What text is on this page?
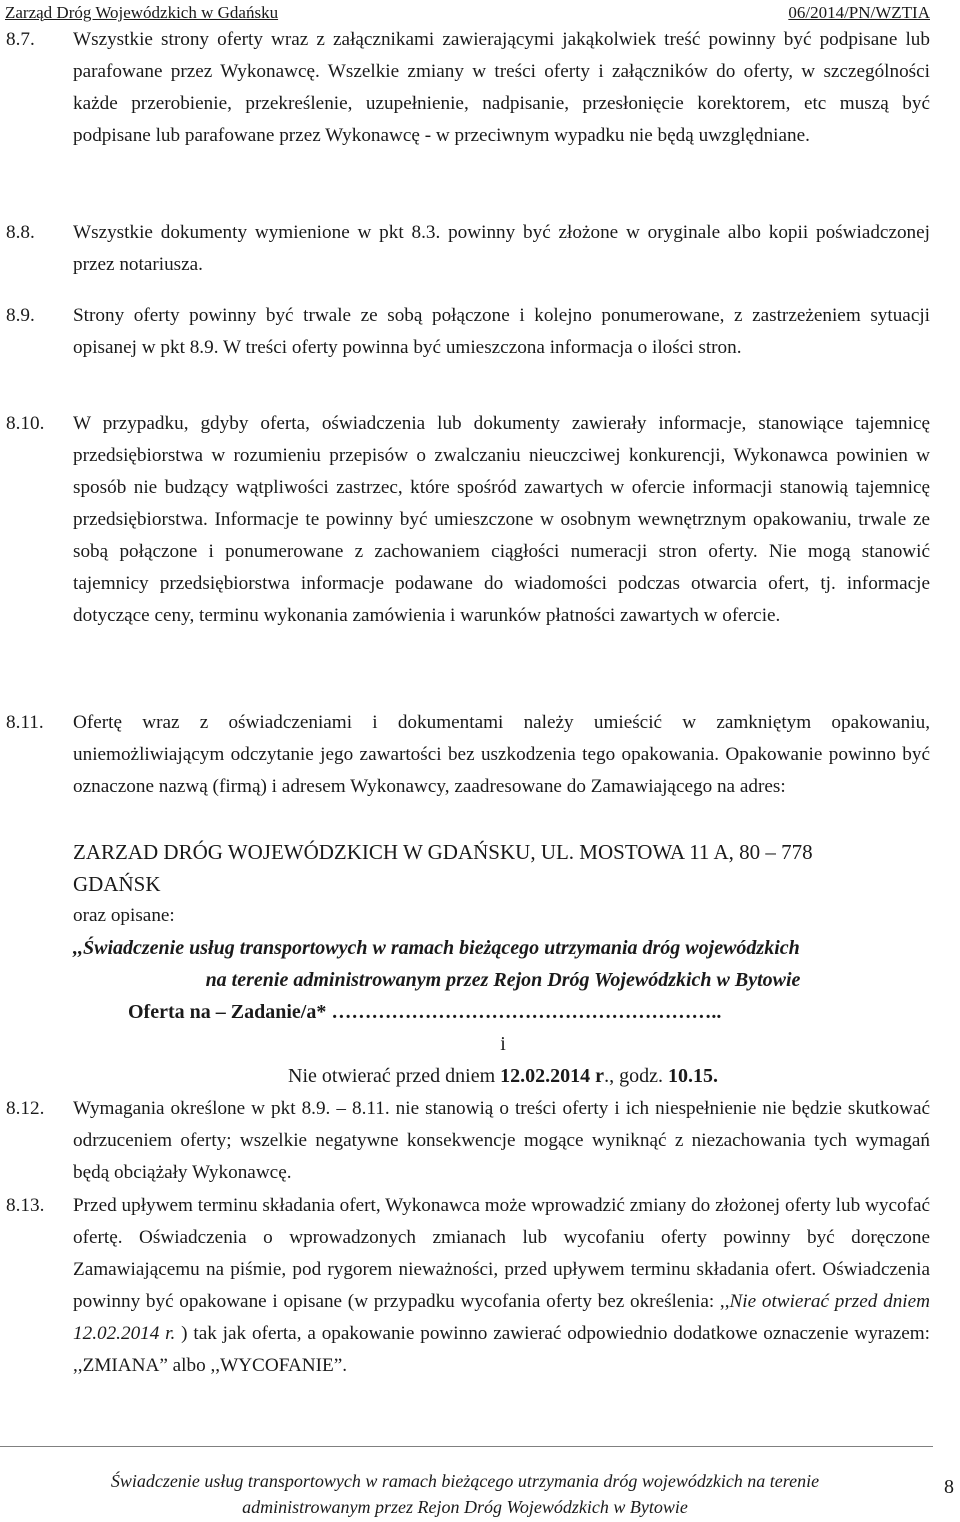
Zarząd Dróg Wojewódzkich w Gdańsku	06/2014/PN/WZTIA
8.7. Wszystkie strony oferty wraz z załącznikami zawierającymi jakąkolwiek treść powinny być podpisane lub parafowane przez Wykonawcę. Wszelkie zmiany w treści oferty i załączników do oferty, w szczególności każde przerobienie, przekreślenie, uzupełnienie, nadpisanie, przesłonięcie korektorem, etc muszą być podpisane lub parafowane przez Wykonawcę - w przeciwnym wypadku nie będą uwzględniane.
8.8. Wszystkie dokumenty wymienione w pkt 8.3. powinny być złożone w oryginale albo kopii poświadczonej przez notariusza.
8.9. Strony oferty powinny być trwale ze sobą połączone i kolejno ponumerowane, z zastrzeżeniem sytuacji opisanej w pkt 8.9. W treści oferty powinna być umieszczona informacja o ilości stron.
8.10. W przypadku, gdyby oferta, oświadczenia lub dokumenty zawierały informacje, stanowiące tajemnicę przedsiębiorstwa w rozumieniu przepisów o zwalczaniu nieuczciwej konkurencji, Wykonawca powinien w sposób nie budzący wątpliwości zastrzec, które spośród zawartych w ofercie informacji stanowią tajemnicę przedsiębiorstwa. Informacje te powinny być umieszczone w osobnym wewnętrznym opakowaniu, trwale ze sobą połączone i ponumerowane z zachowaniem ciągłości numeracji stron oferty. Nie mogą stanowić tajemnicy przedsiębiorstwa informacje podawane do wiadomości podczas otwarcia ofert, tj. informacje dotyczące ceny, terminu wykonania zamówienia i warunków płatności zawartych w ofercie.
8.11. Ofertę wraz z oświadczeniami i dokumentami należy umieścić w zamkniętym opakowaniu, uniemożliwiającym odczytanie jego zawartości bez uszkodzenia tego opakowania. Opakowanie powinno być oznaczone nazwą (firmą) i adresem Wykonawcy, zaadresowane do Zamawiającego na adres:
ZARZAD DRÓG WOJEWÓDZKICH W GDAŃSKU, UL. MOSTOWA 11 A, 80 – 778
GDAŃSK
oraz opisane:
,,Świadczenie usług transportowych w ramach bieżącego utrzymania dróg wojewódzkich
na terenie administrowanym przez Rejon Dróg Wojewódzkich w Bytowie
Oferta na – Zadanie/a* …………………………………………………..
i
Nie otwierać przed dniem 12.02.2014 r., godz. 10.15.
8.12. Wymagania określone w pkt 8.9. – 8.11. nie stanowią o treści oferty i ich niespełnienie nie będzie skutkować odrzuceniem oferty; wszelkie negatywne konsekwencje mogące wyniknąć z niezachowania tych wymagań będą obciążały Wykonawcę.
8.13. Przed upływem terminu składania ofert, Wykonawca może wprowadzić zmiany do złożonej oferty lub wycofać ofertę. Oświadczenia o wprowadzonych zmianach lub wycofaniu oferty powinny być doręczone Zamawiającemu na piśmie, pod rygorem nieważności, przed upływem terminu składania ofert. Oświadczenia powinny być opakowane i opisane (w przypadku wycofania oferty bez określenia: ,,Nie otwierać przed dniem 12.02.2014 r. ) tak jak oferta, a opakowanie powinno zawierać odpowiednio dodatkowe oznaczenie wyrazem: ,,ZMIANA” albo ,,WYCOFANIE”.
Świadczenie usług transportowych w ramach bieżącego utrzymania dróg wojewódzkich na terenie
administrowanym przez Rejon Dróg Wojewódzkich w Bytowie
8
